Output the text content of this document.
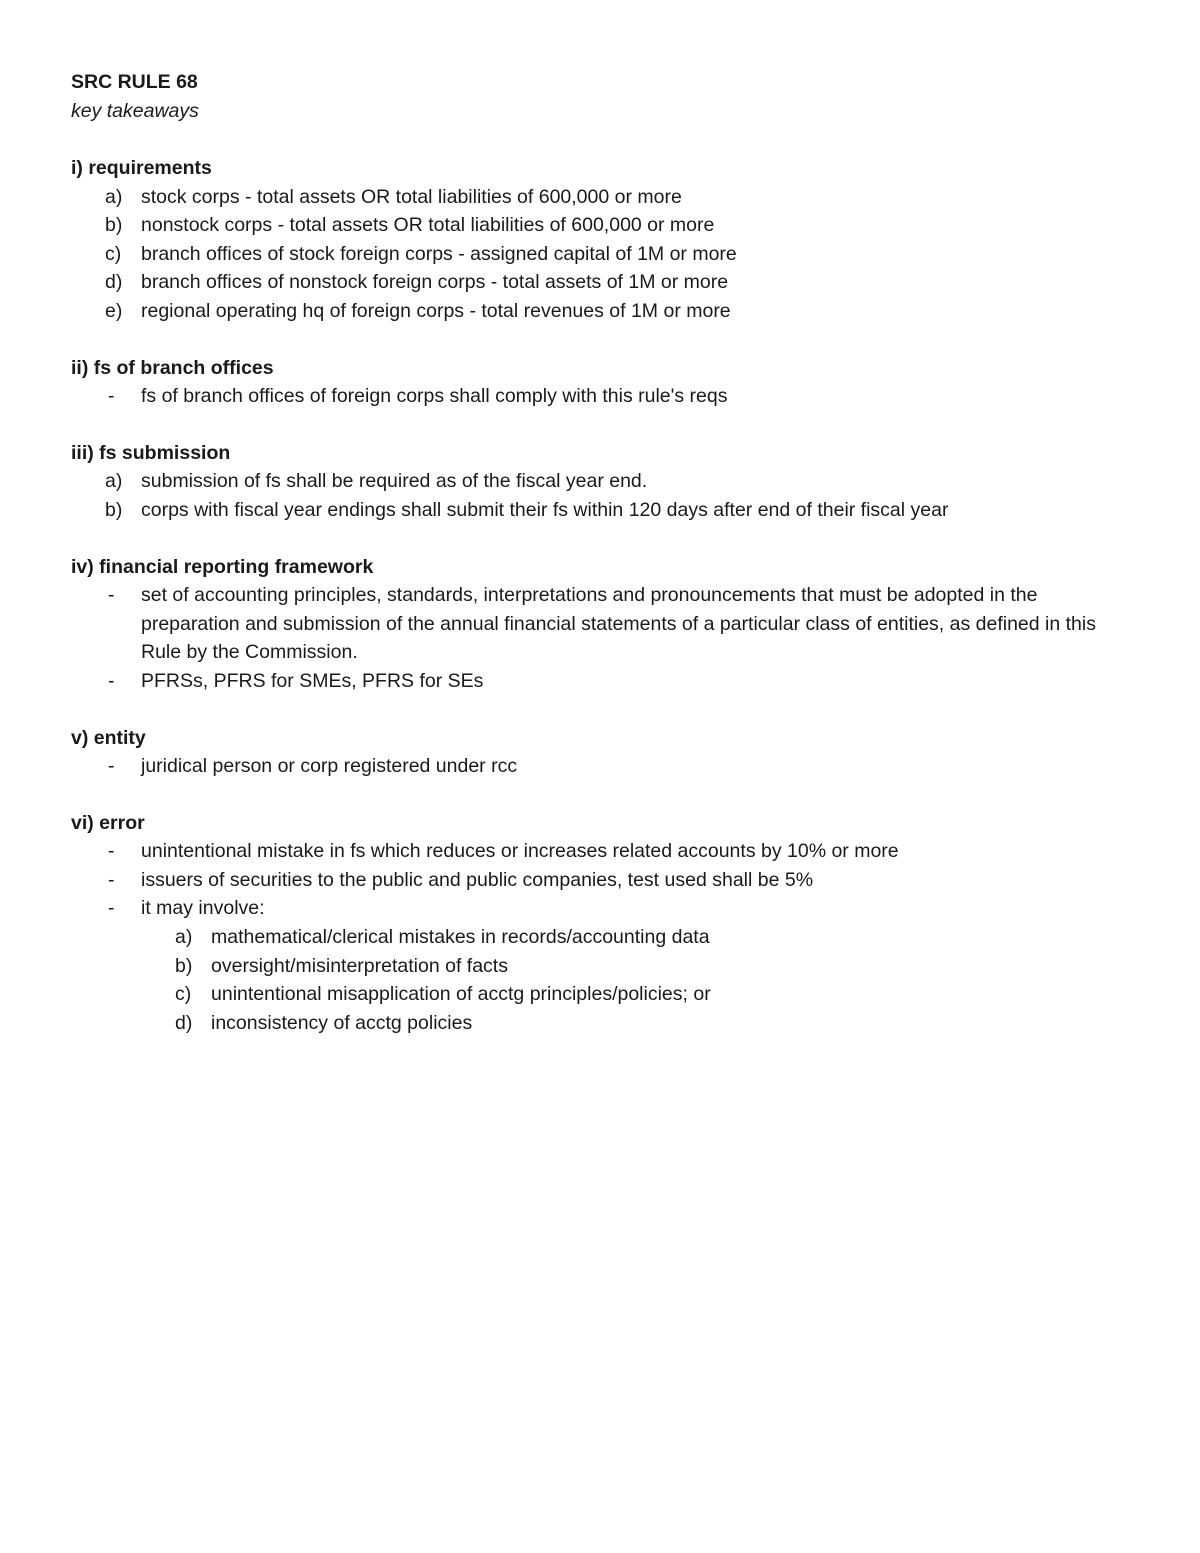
SRC RULE 68
key takeaways
i) requirements
a) stock corps - total assets OR total liabilities of 600,000 or more
b) nonstock corps - total assets OR total liabilities of 600,000 or more
c) branch offices of stock foreign corps - assigned capital of 1M or more
d) branch offices of nonstock foreign corps - total assets of 1M or more
e) regional operating hq of foreign corps - total revenues of 1M or more
ii) fs of branch offices
- fs of branch offices of foreign corps shall comply with this rule's reqs
iii) fs submission
a) submission of fs shall be required as of the fiscal year end.
b) corps with fiscal year endings shall submit their fs within 120 days after end of their fiscal year
iv) financial reporting framework
- set of accounting principles, standards, interpretations and pronouncements that must be adopted in the preparation and submission of the annual financial statements of a particular class of entities, as defined in this Rule by the Commission.
- PFRSs, PFRS for SMEs, PFRS for SEs
v) entity
- juridical person or corp registered under rcc
vi) error
- unintentional mistake in fs which reduces or increases related accounts by 10% or more
- issuers of securities to the public and public companies, test used shall be 5%
- it may involve:
a) mathematical/clerical mistakes in records/accounting data
b) oversight/misinterpretation of facts
c) unintentional misapplication of acctg principles/policies; or
d) inconsistency of acctg policies
